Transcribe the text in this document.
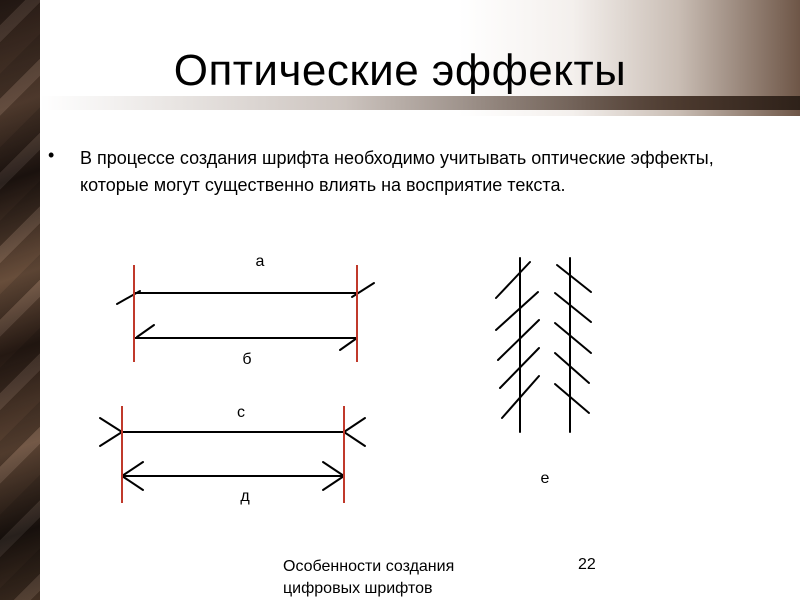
Оптические эффекты
• В процессе создания шрифта необходимо учитывать оптические эффекты, которые могут существенно влиять на восприятие текста.
а
б
с
д
е
Особенности создания цифровых шрифтов
22
